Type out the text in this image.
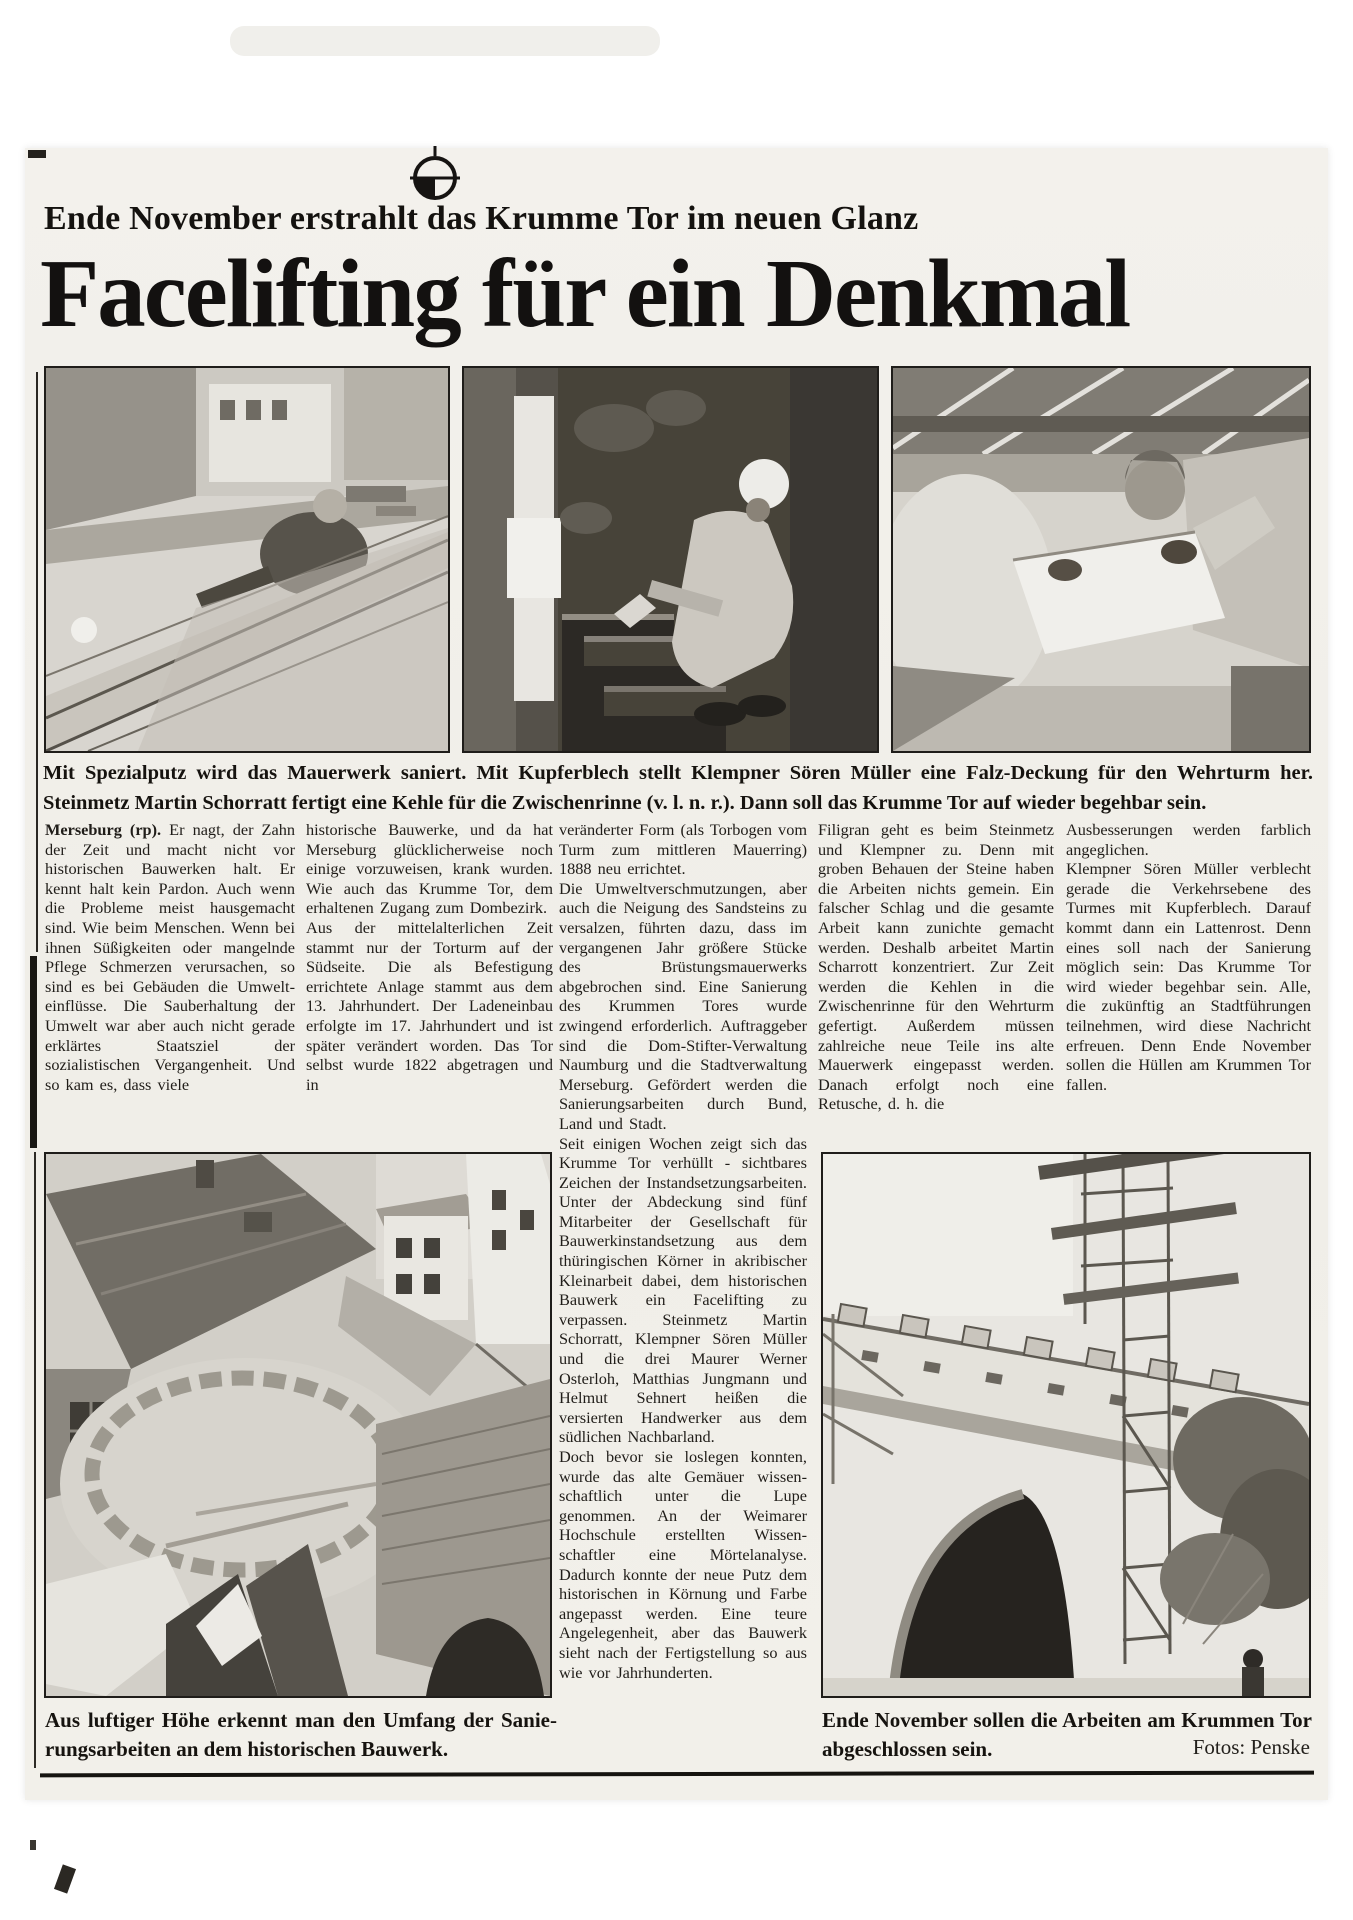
Ende November erstrahlt das Krumme Tor im neuen Glanz
Facelifting für ein Denkmal

Mit Spezialputz wird das Mauerwerk saniert. Mit Kupferblech stellt Klempner Sören Müller eine Falz-Deckung für den Wehrturm her. Steinmetz Martin Schorratt fertigt eine Kehle für die Zwischenrinne (v. l. n. r.). Dann soll das Krumme Tor auf wieder begehbar sein.

Merseburg (rp). Er nagt, der Zahn der Zeit und macht nicht vor historischen Bauwerken halt. Er kennt halt kein Pardon. Auch wenn die Probleme meist hausgemacht sind. Wie beim Menschen. Wenn bei ihnen Süßigkeiten oder mangelnde Pflege Schmerzen verursachen, so sind es bei Gebäuden die Umwelteinflüsse. Die Sauberhaltung der Umwelt war aber auch nicht gerade erklärtes Staatsziel der sozialistischen Vergangenheit. Und so kam es, dass viele

historische Bauwerke, und da hat Merseburg glücklicherweise noch einige vorzuweisen, krank wurden. Wie auch das Krumme Tor, dem erhaltenen Zugang zum Dombezirk.

Aus der mittelalterlichen Zeit stammt nur der Torturm auf der Südseite. Die als Befestigung errichtete Anlage stammt aus dem 13. Jahrhundert. Der Ladeneinbau erfolgte im 17. Jahrhundert und ist später verändert worden. Das Tor selbst wurde 1822 abgetragen und in

veränderter Form (als Torbogen vom Turm zum mittleren Mauerring) 1888 neu errichtet.

Die Umweltverschmutzungen, aber auch die Neigung des Sandsteins zu versalzen, führten dazu, dass im vergangenen Jahr größere Stücke des Brüstungsmauerwerks abgebrochen sind. Eine Sanierung des Krummen Tores wurde zwingend erforderlich. Auftraggeber sind die Dom-Stifter-Verwaltung Naumburg und die Stadtverwaltung Merseburg. Gefördert werden die Sanierungsarbeiten durch Bund, Land und Stadt.

Seit einigen Wochen zeigt sich das Krumme Tor verhüllt - sichtbares Zeichen der Instandsetzungsarbeiten. Unter der Abdeckung sind fünf Mitarbeiter der Gesellschaft für Bauwerkinstandsetzung aus dem thüringischen Körner in akribischer Kleinarbeit dabei, dem historischen Bauwerk ein Facelifting zu verpassen. Steinmetz Martin Schorratt, Klempner Sören Müller und die drei Maurer Werner Osterloh, Matthias Jungmann und Helmut Sehnert heißen die versierten Handwerker aus dem südlichen Nachbarland.

Doch bevor sie loslegen konnten, wurde das alte Gemäuer wissenschaftlich unter die Lupe genommen. An der Weimarer Hochschule erstellten Wissenschaftler eine Mörtelanalyse. Dadurch konnte der neue Putz dem historischen in Körnung und Farbe angepasst werden. Eine teure Angelegenheit, aber das Bauwerk sieht nach der Fertigstellung so aus wie vor Jahrhunderten.

Filigran geht es beim Steinmetz und Klempner zu. Denn mit groben Behauen der Steine haben die Arbeiten nichts gemein. Ein falscher Schlag und die gesamte Arbeit kann zunichte gemacht werden. Deshalb arbeitet Martin Scharrott konzentriert. Zur Zeit werden die Kehlen in die Zwischenrinne für den Wehrturm gefertigt. Außerdem müssen zahlreiche neue Teile ins alte Mauerwerk eingepasst werden. Danach erfolgt noch eine Retusche, d. h. die

Ausbesserungen werden farblich angeglichen.

Klempner Sören Müller verblecht gerade die Verkehrsebene des Turmes mit Kupferblech. Darauf kommt dann ein Lattenrost. Denn eines soll nach der Sanierung möglich sein: Das Krumme Tor wird wieder begehbar sein. Alle, die zukünftig an Stadtführungen teilnehmen, wird diese Nachricht erfreuen. Denn Ende November sollen die Hüllen am Krummen Tor fallen.

Aus luftiger Höhe erkennt man den Umfang der Sanierungsarbeiten an dem historischen Bauwerk.

Ende November sollen die Arbeiten am Krummen Tor abgeschlossen sein.	Fotos: Penske
